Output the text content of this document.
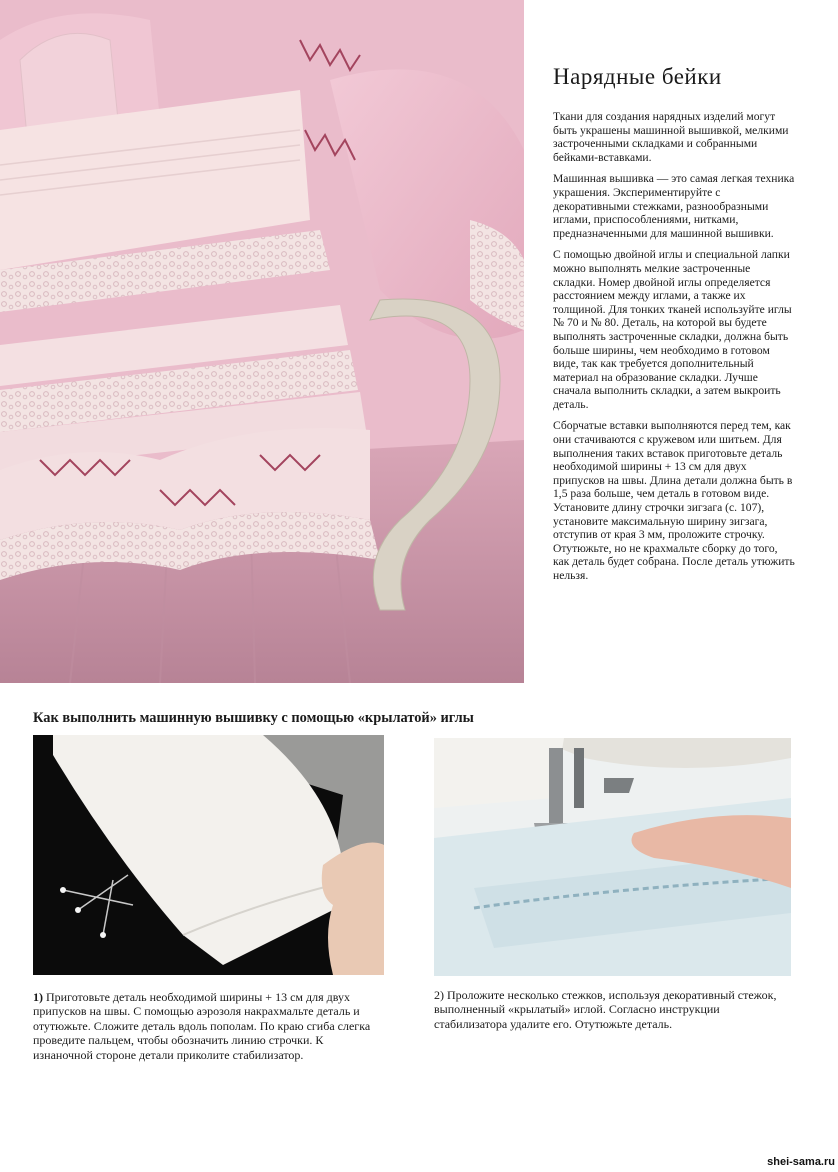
Нарядные бейки

Ткани для создания нарядных изделий могут быть украшены машинной вышивкой, мелкими застроченными складками и собранными бейками-вставками.

Машинная вышивка — это самая легкая техника украшения. Экспериментируйте с декоративными стежками, разнообразными иглами, приспособлениями, нитками, предназначенными для машинной вышивки.

С помощью двойной иглы и специальной лапки можно выполнять мелкие застроченные складки. Номер двойной иглы определяется расстоянием между иглами, а также их толщиной. Для тонких тканей используйте иглы № 70 и № 80. Деталь, на которой вы будете выполнять застроченные складки, должна быть больше ширины, чем необходимо в готовом виде, так как требуется дополнительный материал на образование складки. Лучше сначала выполнить складки, а затем выкроить деталь.

Сборчатые вставки выполняются перед тем, как они стачиваются с кружевом или шитьем. Для выполнения таких вставок приготовьте деталь необходимой ширины + 13 см для двух припусков на швы. Длина детали должна быть в 1,5 раза больше, чем деталь в готовом виде. Установите длину строчки зигзага (с. 107), установите максимальную ширину зигзага, отступив от края 3 мм, проложите строчку. Отутюжьте, но не крахмальте сборку до того, как деталь будет собрана. После деталь утюжить нельзя.

Как выполнить машинную вышивку с помощью «крылатой» иглы
1) Приготовьте деталь необходимой ширины + 13 см для двух припусков на швы. С помощью аэрозоля накрахмальте деталь и отутюжьте. Сложите деталь вдоль пополам. По краю сгиба слегка проведите пальцем, чтобы обозначить линию строчки. К изнаночной стороне детали приколите стабилизатор.
2) Проложите несколько стежков, используя декоративный стежок, выполненный «крылатый» иглой. Согласно инструкции стабилизатора удалите его. Отутюжьте деталь.
shei-sama.ru
